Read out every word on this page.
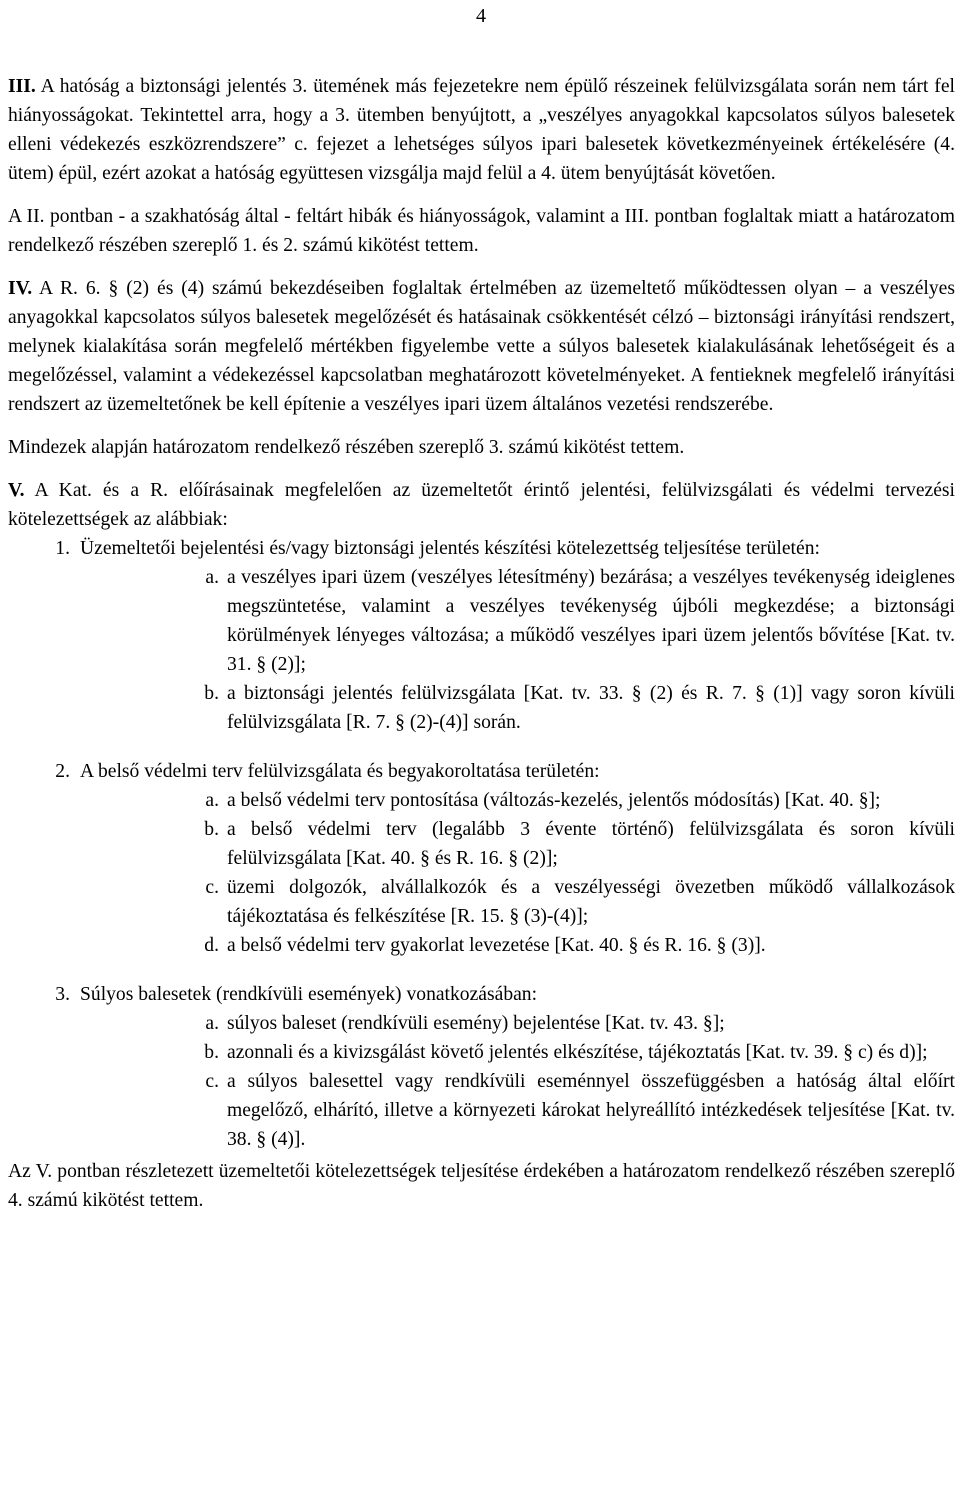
4

III. A hatóság a biztonsági jelentés 3. ütemének más fejezetekre nem épülő részeinek felülvizsgálata során nem tárt fel hiányosságokat. Tekintettel arra, hogy a 3. ütemben benyújtott, a „veszélyes anyagokkal kapcsolatos súlyos balesetek elleni védekezés eszközrendszere” c. fejezet a lehetséges súlyos ipari balesetek következményeinek értékelésére (4. ütem) épül, ezért azokat a hatóság együttesen vizsgálja majd felül a 4. ütem benyújtását követően.

A II. pontban - a szakhatóság által - feltárt hibák és hiányosságok, valamint a III. pontban foglaltak miatt a határozatom rendelkező részében szereplő 1. és 2. számú kikötést tettem.

IV. A R. 6. § (2) és (4) számú bekezdéseiben foglaltak értelmében az üzemeltető működtessen olyan – a veszélyes anyagokkal kapcsolatos súlyos balesetek megelőzését és hatásainak csökkentését célzó – biztonsági irányítási rendszert, melynek kialakítása során megfelelő mértékben figyelembe vette a súlyos balesetek kialakulásának lehetőségeit és a megelőzéssel, valamint a védekezéssel kapcsolatban meghatározott követelményeket. A fentieknek megfelelő irányítási rendszert az üzemeltetőnek be kell építenie a veszélyes ipari üzem általános vezetési rendszerébe.

Mindezek alapján határozatom rendelkező részében szereplő 3. számú kikötést tettem.

V. A Kat. és a R. előírásainak megfelelően az üzemeltetőt érintő jelentési, felülvizsgálati és védelmi tervezési kötelezettségek az alábbiak:

1. Üzemeltetői bejelentési és/vagy biztonsági jelentés készítési kötelezettség teljesítése területén:
a. a veszélyes ipari üzem (veszélyes létesítmény) bezárása; a veszélyes tevékenység ideiglenes megszüntetése, valamint a veszélyes tevékenység újbóli megkezdése; a biztonsági körülmények lényeges változása; a működő veszélyes ipari üzem jelentős bővítése [Kat. tv. 31. § (2)];
b. a biztonsági jelentés felülvizsgálata [Kat. tv. 33. § (2) és R. 7. § (1)] vagy soron kívüli felülvizsgálata [R. 7. § (2)-(4)] során.
2. A belső védelmi terv felülvizsgálata és begyakoroltatása területén:
a. a belső védelmi terv pontosítása (változás-kezelés, jelentős módosítás) [Kat. 40. §];
b. a belső védelmi terv (legalább 3 évente történő) felülvizsgálata és soron kívüli felülvizsgálata [Kat. 40. § és R. 16. § (2)];
c. üzemi dolgozók, alvállalkozók és a veszélyességi övezetben működő vállalkozások tájékoztatása és felkészítése [R. 15. § (3)-(4)];
d. a belső védelmi terv gyakorlat levezetése [Kat. 40. § és R. 16. § (3)].
3. Súlyos balesetek (rendkívüli események) vonatkozásában:
a. súlyos baleset (rendkívüli esemény) bejelentése [Kat. tv. 43. §];
b. azonnali és a kivizsgálást követő jelentés elkészítése, tájékoztatás [Kat. tv. 39. § c) és d)];
c. a súlyos balesettel vagy rendkívüli eseménnyel összefüggésben a hatóság által előírt megelőző, elhárító, illetve a környezeti károkat helyreállító intézkedések teljesítése [Kat. tv. 38. § (4)].

Az V. pontban részletezett üzemeltetői kötelezettségek teljesítése érdekében a határozatom rendelkező részében szereplő 4. számú kikötést tettem.
